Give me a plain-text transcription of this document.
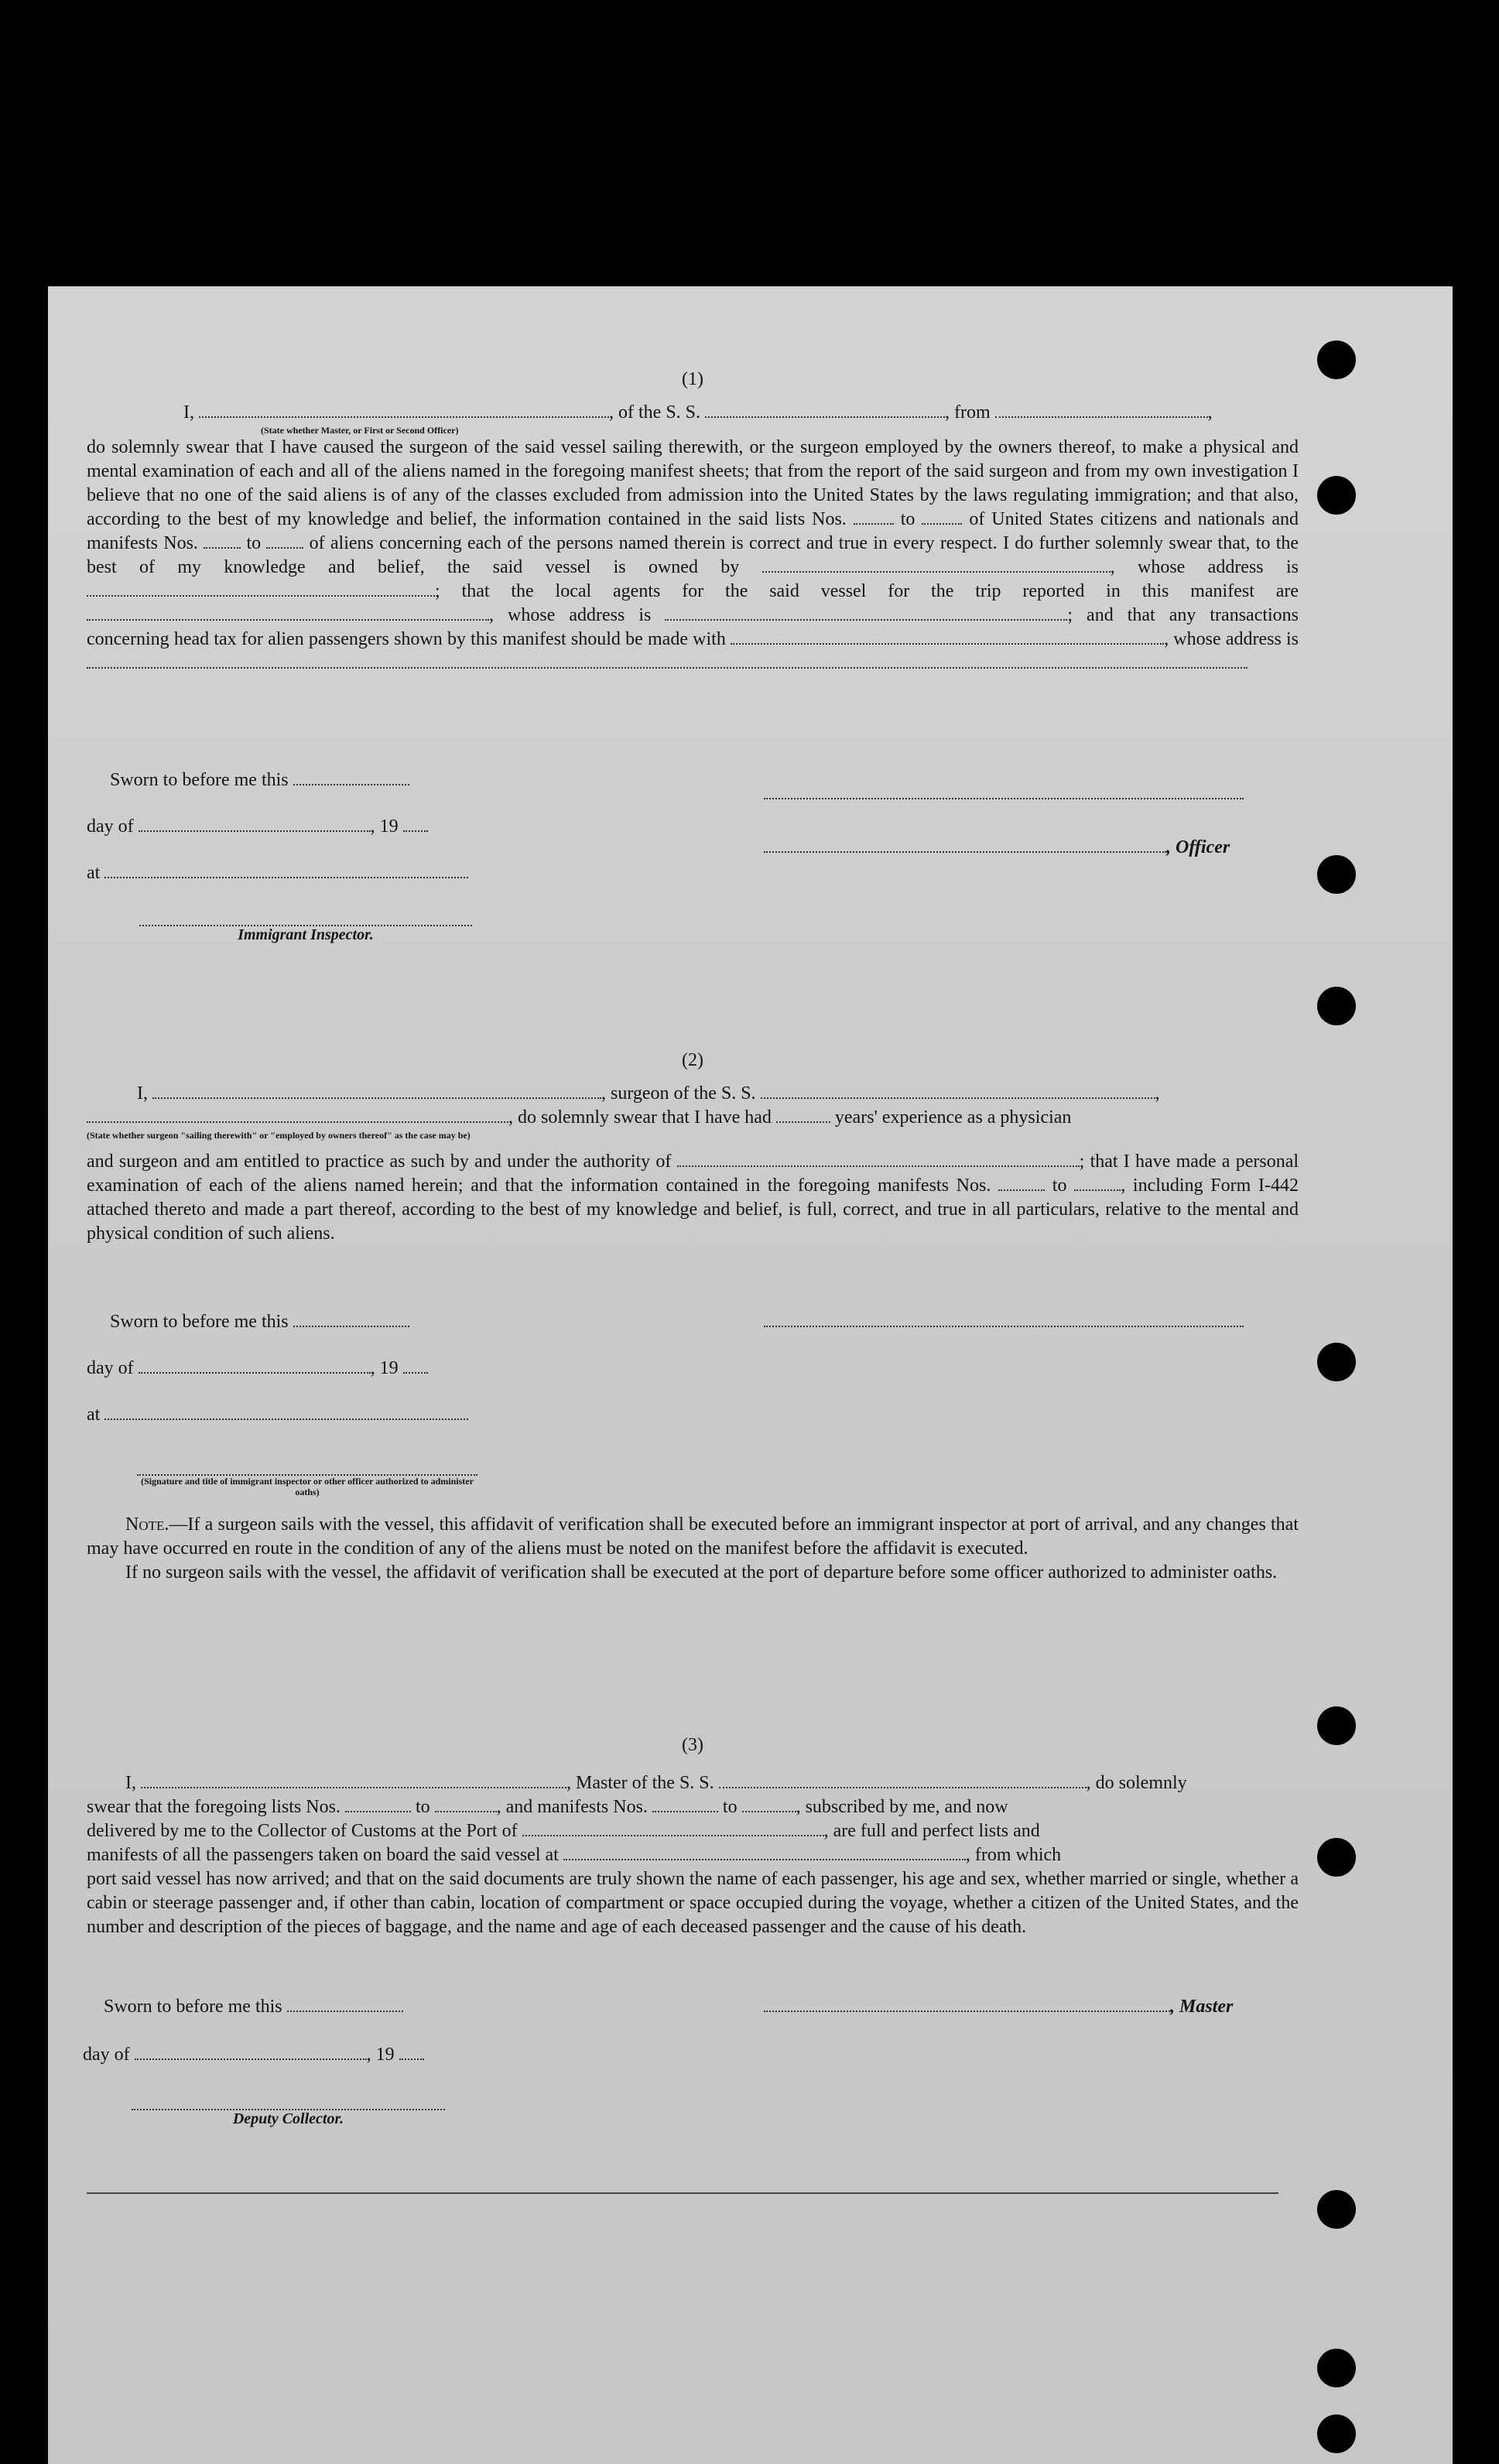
(1)
I,	, of the S. S.	, from	,
(State whether Master, or First or Second Officer)
do solemnly swear that I have caused the surgeon of the said vessel sailing therewith, or the surgeon employed by the owners thereof, to make a physical and mental examination of each and all of the aliens named in the foregoing manifest sheets; that from the report of the said surgeon and from my own investigation I believe that no one of the said aliens is of any of the classes excluded from admission into the United States by the laws regulating immigration; and that also, according to the best of my knowledge and belief, the information contained in the said lists Nos.	to	of United States citizens and nationals and manifests Nos.	to	of aliens concerning each of the persons named therein is correct and true in every respect. I do further solemnly swear that, to the best of my knowledge and belief, the said vessel is owned by	, whose address is ; that the local agents for the said vessel for the trip reported in this manifest are , whose address is	; and that any transactions concerning head tax for alien passengers shown by this manifest should be made with	, whose address is
Sworn to before me this
day of	, 19
, Officer
at
Immigrant Inspector.
(2)
I,	, surgeon of the S. S.	,
, do solemnly swear that I have had	years' experience as a physician
(State whether surgeon "sailing therewith" or "employed by owners thereof" as the case may be)
and surgeon and am entitled to practice as such by and under the authority of	; that I have made a personal examination of each of the aliens named herein; and that the information contained in the foregoing manifests Nos.	to	, including Form I-442 attached thereto and made a part thereof, according to the best of my knowledge and belief, is full, correct, and true in all particulars, relative to the mental and physical condition of such aliens.
Sworn to before me this
day of	, 19
at
(Signature and title of immigrant inspector or other officer authorized to administer oaths)
Note.—If a surgeon sails with the vessel, this affidavit of verification shall be executed before an immigrant inspector at port of arrival, and any changes that may have occurred en route in the condition of any of the aliens must be noted on the manifest before the affidavit is executed.
If no surgeon sails with the vessel, the affidavit of verification shall be executed at the port of departure before some officer authorized to administer oaths.
(3)
I,	, Master of the S. S.	, do solemnly
swear that the foregoing lists Nos.	to	, and manifests Nos.	to	, subscribed by me, and now
delivered by me to the Collector of Customs at the Port of	, are full and perfect lists and
manifests of all the passengers taken on board the said vessel at	, from which
port said vessel has now arrived; and that on the said documents are truly shown the name of each passenger, his age and sex, whether married or single, whether a cabin or steerage passenger and, if other than cabin, location of compartment or space occupied during the voyage, whether a citizen of the United States, and the number and description of the pieces of baggage, and the name and age of each deceased passenger and the cause of his death.
Sworn to before me this	, Master
day of	, 19
Deputy Collector.
